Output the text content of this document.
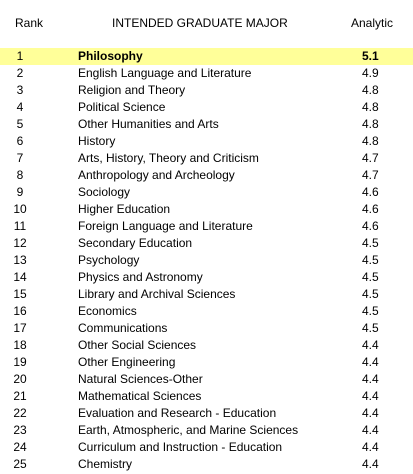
Rank	INTENDED GRADUATE MAJOR	Analytic
1	Philosophy	5.1
2	English Language and Literature	4.9
3	Religion and Theory	4.8
4	Political Science	4.8
5	Other Humanities and Arts	4.8
6	History	4.8
7	Arts, History, Theory and Criticism	4.7
8	Anthropology and Archeology	4.7
9	Sociology	4.6
10	Higher Education	4.6
11	Foreign Language and Literature	4.6
12	Secondary Education	4.5
13	Psychology	4.5
14	Physics and Astronomy	4.5
15	Library and Archival Sciences	4.5
16	Economics	4.5
17	Communications	4.5
18	Other Social Sciences	4.4
19	Other Engineering	4.4
20	Natural Sciences-Other	4.4
21	Mathematical Sciences	4.4
22	Evaluation and Research - Education	4.4
23	Earth, Atmospheric, and Marine Sciences	4.4
24	Curriculum and Instruction - Education	4.4
25	Chemistry	4.4
